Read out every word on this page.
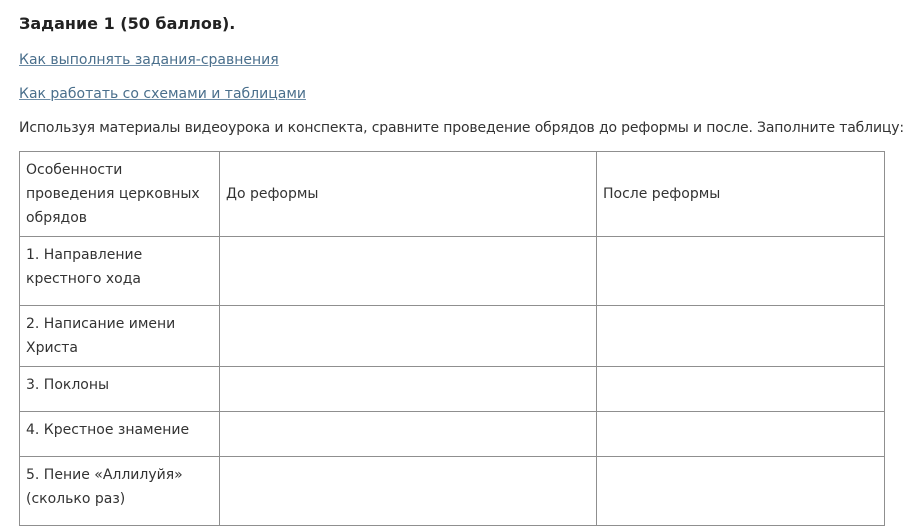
Задание 1 (50 баллов).
Как выполнять задания-сравнения
Как работать со схемами и таблицами
Используя материалы видеоурока и конспекта, сравните проведение обрядов до реформы и после. Заполните таблицу:
Особенности проведения церковных обрядов	До реформы	После реформы
1. Направление крестного хода	

2. Написание имени Христа	

3. Поклоны	

4. Крестное знамение	

5. Пение «Аллилуйя» (сколько раз)	
